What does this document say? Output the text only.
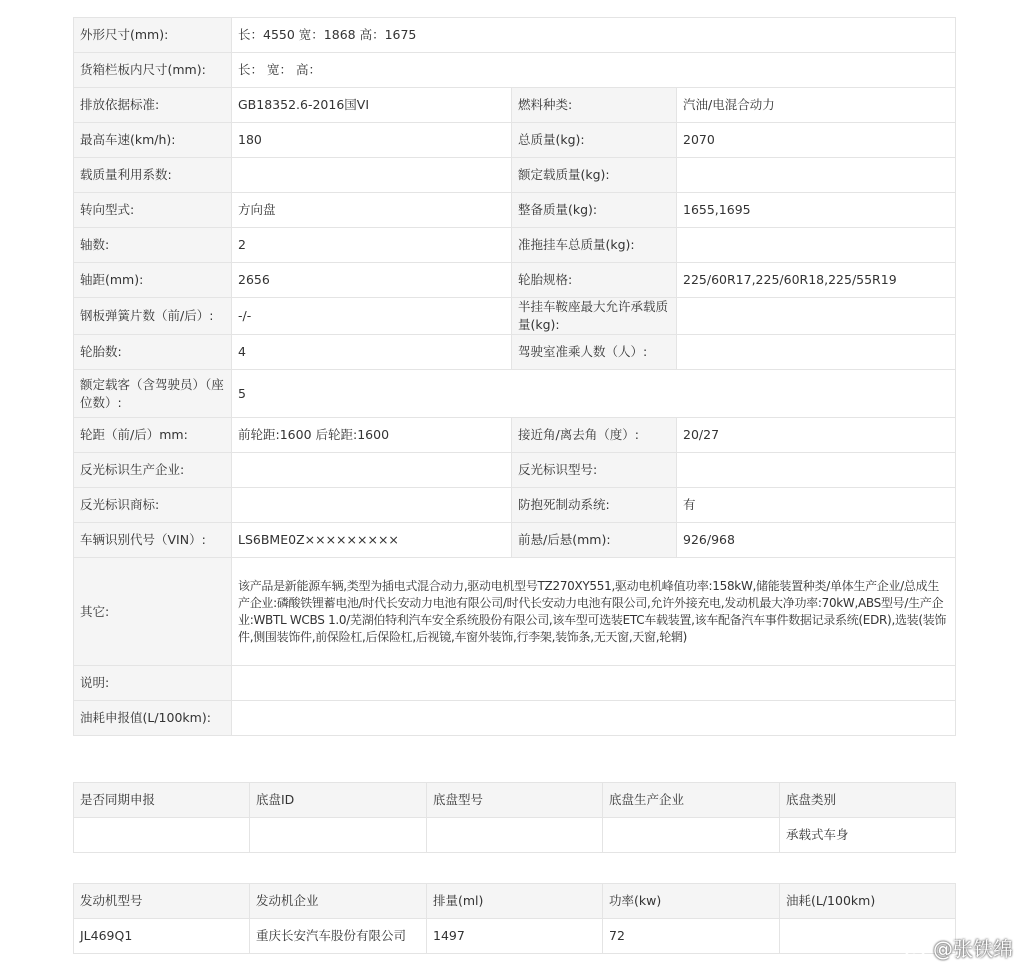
外形尺寸(mm):	长：4550 宽：1868 高：1675		
货箱栏板内尺寸(mm):	长： 宽： 高：		
排放依据标准:	GB18352.6-2016国VI	燃料种类:	汽油/电混合动力
最高车速(km/h):	180	总质量(kg):	2070
载质量利用系数:		额定载质量(kg):	
转向型式:	方向盘	整备质量(kg):	1655,1695
轴数:	2	准拖挂车总质量(kg):	
轴距(mm):	2656	轮胎规格:	225/60R17,225/60R18,225/55R19
钢板弹簧片数（前/后）:	-/-	半挂车鞍座最大允许承载质量(kg):	
轮胎数:	4	驾驶室准乘人数（人）:	
额定载客（含驾驶员）（座位数）:	5		
轮距（前/后）mm:	前轮距:1600 后轮距:1600	接近角/离去角（度）:	20/27
反光标识生产企业:		反光标识型号:	
反光标识商标:		防抱死制动系统:	有
车辆识别代号（VIN）:	LS6BME0Z×××××××××	前悬/后悬(mm):	926/968
其它:	该产品是新能源车辆,类型为插电式混合动力,驱动电机型号TZ270XY551,驱动电机峰值功率:158kW,储能装置种类/单体生产企业/总成生产企业:磷酸铁锂蓄电池/时代长安动力电池有限公司/时代长安动力电池有限公司,允许外接充电,发动机最大净功率:70kW,ABS型号/生产企业:WBTL WCBS 1.0/芜湖伯特利汽车安全系统股份有限公司,该车型可选装ETC车载装置,该车配备汽车事件数据记录系统(EDR),选装(装饰件,侧围装饰件,前保险杠,后保险杠,后视镜,车窗外装饰,行李架,装饰条,无天窗,天窗,轮辋)		
说明:			
油耗申报值(L/100km):			
是否同期申报	底盘ID	底盘型号	底盘生产企业	底盘类别
				承载式车身
发动机型号	发动机企业	排量(ml)	功率(kw)	油耗(L/100km)
JL469Q1	重庆长安汽车股份有限公司	1497	72	
@张铁绵
